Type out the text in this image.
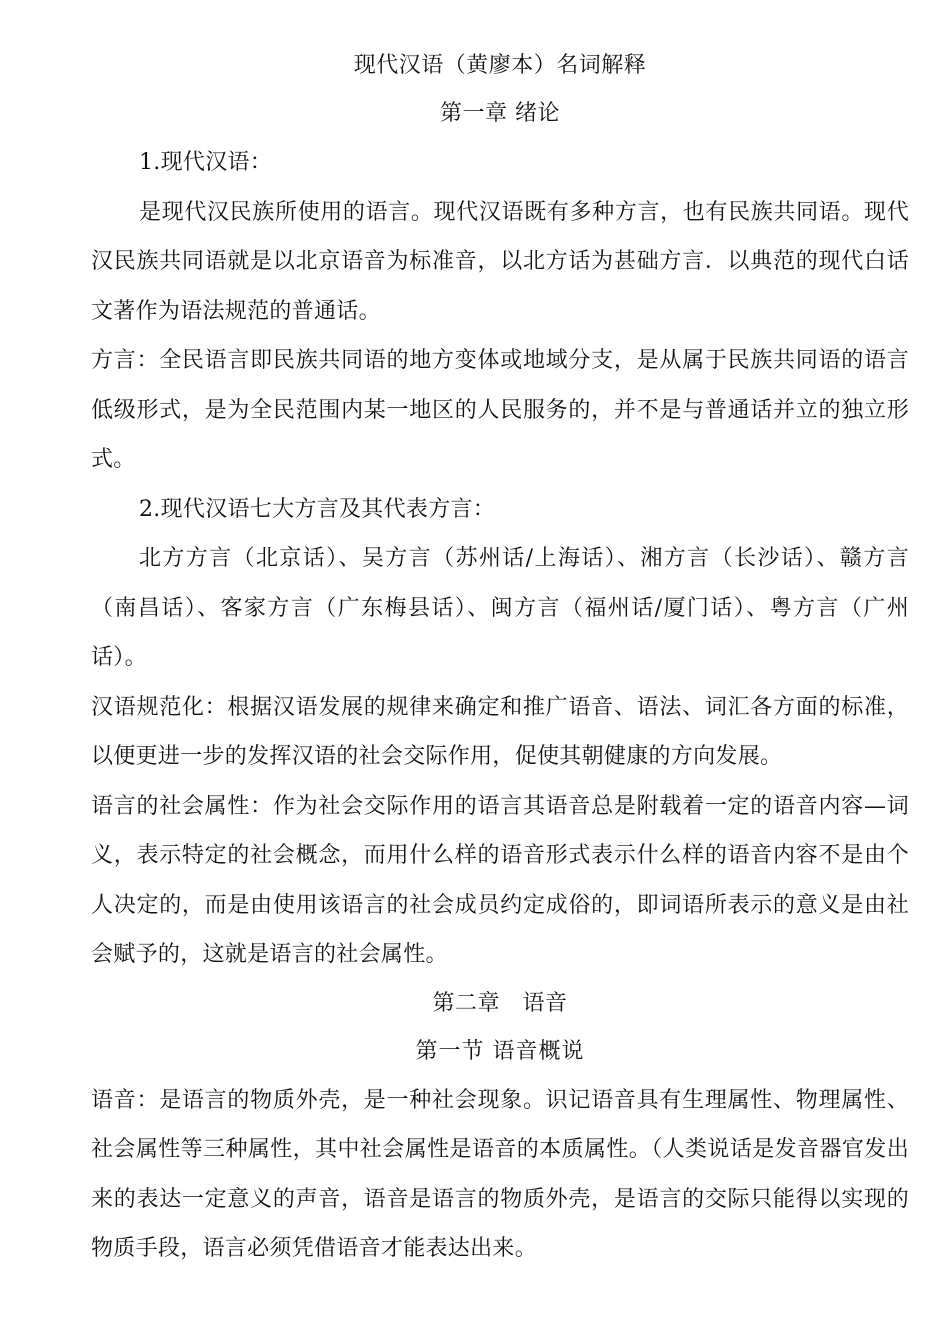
现代汉语（黄廖本）名词解释
第一章 绪论

1.现代汉语：

是现代汉民族所使用的语言。现代汉语既有多种方言，也有民族共同语。现代汉民族共同语就是以北京语音为标准音，以北方话为甚础方言．以典范的现代白话文著作为语法规范的普通话。

方言：全民语言即民族共同语的地方变体或地域分支，是从属于民族共同语的语言低级形式，是为全民范围内某一地区的人民服务的，并不是与普通话并立的独立形式。

2.现代汉语七大方言及其代表方言：

北方方言（北京话）、吴方言（苏州话/上海话）、湘方言（长沙话）、赣方言（南昌话）、客家方言（广东梅县话）、闽方言（福州话/厦门话）、粤方言（广州话）。

汉语规范化：根据汉语发展的规律来确定和推广语音、语法、词汇各方面的标准，以便更进一步的发挥汉语的社会交际作用，促使其朝健康的方向发展。

语言的社会属性：作为社会交际作用的语言其语音总是附载着一定的语音内容—词义，表示特定的社会概念，而用什么样的语音形式表示什么样的语音内容不是由个人决定的，而是由使用该语言的社会成员约定成俗的，即词语所表示的意义是由社会赋予的，这就是语言的社会属性。

第二章　语音
第一节 语音概说

语音：是语言的物质外壳，是一种社会现象。识记语音具有生理属性、物理属性、社会属性等三种属性，其中社会属性是语音的本质属性。（人类说话是发音器官发出来的表达一定意义的声音，语音是语言的物质外壳，是语言的交际只能得以实现的物质手段，语言必须凭借语音才能表达出来。
